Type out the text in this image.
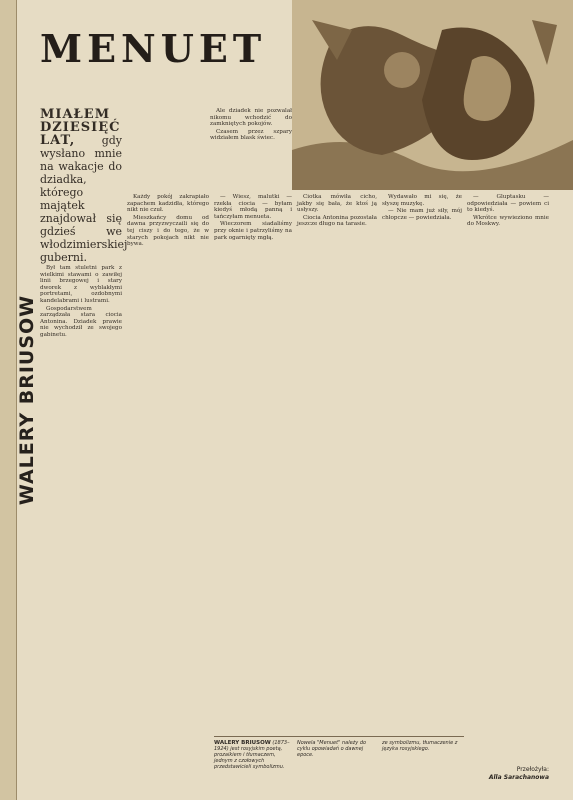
WALERY BRIUSOW
MENUET

MIAŁEM DZIESIĘĆ LAT, gdy wysłano mnie na wakacje do dziadka, którego majątek znajdował się gdzieś we włodzimierskiej guberni.

Był tam stuletni park z wielkimi stawami o zawiłej linii brzegowej i stary dworek z wyblakłymi portretami, ozdobnymi kandelabrami i lustrami.

Gospodarstwem zarządzała stara ciocia Antonina. Dziadek prawie nie wychodził ze swojego gabinetu.

Ale dziadek nie pozwalał nikomu wchodzić do zamkniętych pokojów.

Czasem przez szpary widziałem blask świec.

Każdy pokój zakrapiało zapachem kadzidła, którego nikt nie czuł.

Mieszkańcy domu od dawna przyzwyczaili się do tej ciszy i do tego, że w starych pokojach nikt nie bywa.

— Wiesz, malutki — rzekła ciocia — byłam kiedyś młodą panną i tańczyłam menueta.

Wieczorem siadaliśmy przy oknie i patrzyliśmy na park ogarnięty mgłą.

Ciotka mówiła cicho, jakby się bała, że ktoś ją usłyszy.

Ciocia Antonina pozostała jeszcze długo na tarasie.

Wydawało mi się, że słyszę muzykę.

— Nie mam już siły, mój chłopcze — powiedziała.

— Gluptasku — odpowiedziała — powiem ci to kiedyś.

Wkrótce wywieziono mnie do Moskwy.

WALERY BRIUSOW (1873–1924) jest rosyjskim poetą, prozaikiem i tłumaczem, jednym z czołowych przedstawicieli symbolizmu.
Nowela "Menuet" należy do cyklu opowiadań o dawnej epoce.
ze symbolizmu, tłumaczenie z języka rosyjskiego.
Przełożyła:
Alla Sarachanowa
